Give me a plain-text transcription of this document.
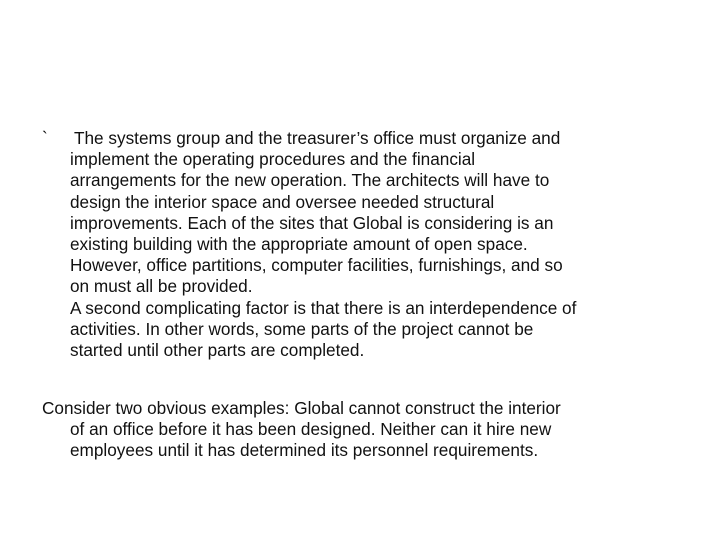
` The systems group and the treasurer’s office must organize and
implement the operating procedures and the financial
arrangements for the new operation. The architects will have to
design the interior space and oversee needed structural
improvements. Each of the sites that Global is considering is an
existing building with the appropriate amount of open space.
However, office partitions, computer facilities, furnishings, and so
on must all be provided.
A second complicating factor is that there is an interdependence of
activities. In other words, some parts of the project cannot be
started until other parts are completed.
Consider two obvious examples: Global cannot construct the interior
of an office before it has been designed. Neither can it hire new
employees until it has determined its personnel requirements.
